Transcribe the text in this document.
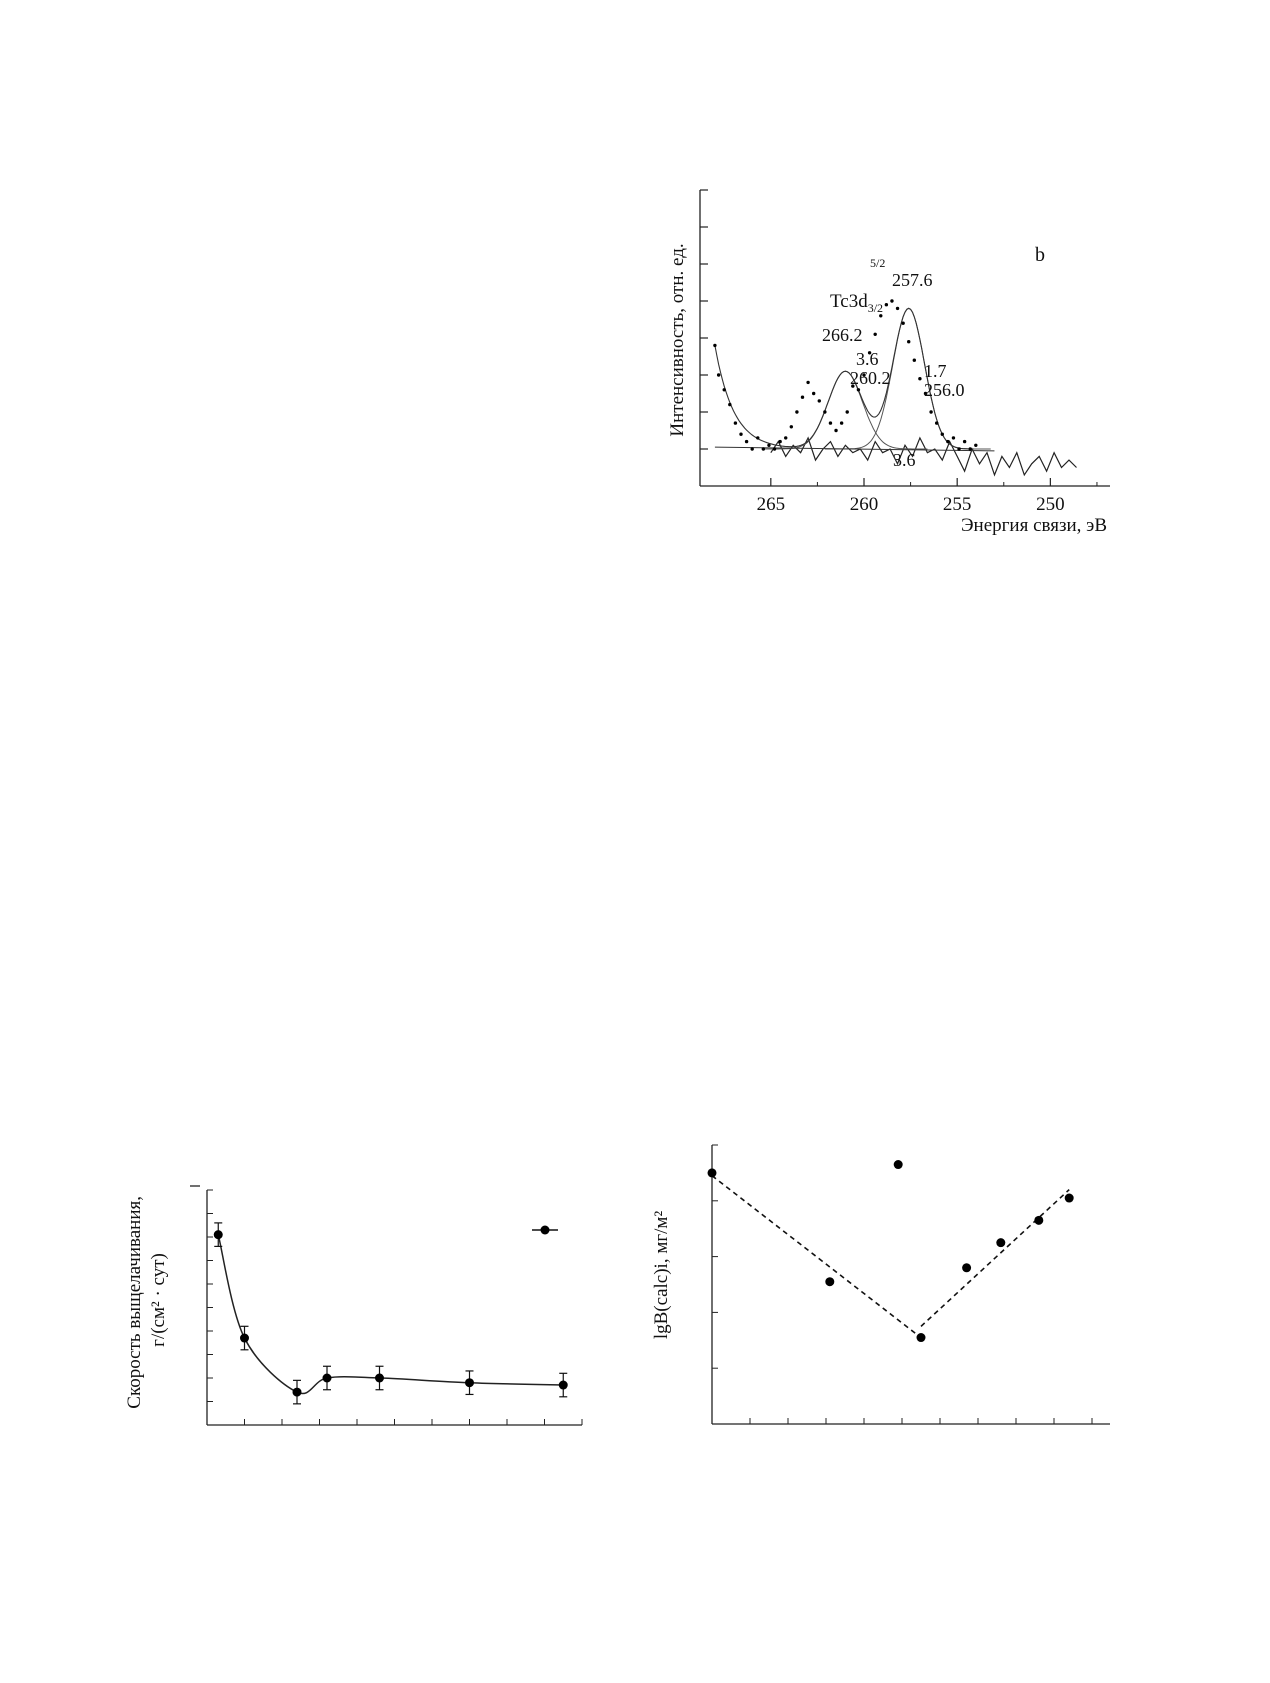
265	260	255	250
b
$_{5/2}$
$Tc3d_{3/2}$
257.6
266.2
3.6
260.2 1.7
256.0
3.6
Энергия связи, эВ
Интенсивность, отн. ед.
Скорость выщелачивания, г/(см² · сут)	lgB(calc)i, мг/м²
